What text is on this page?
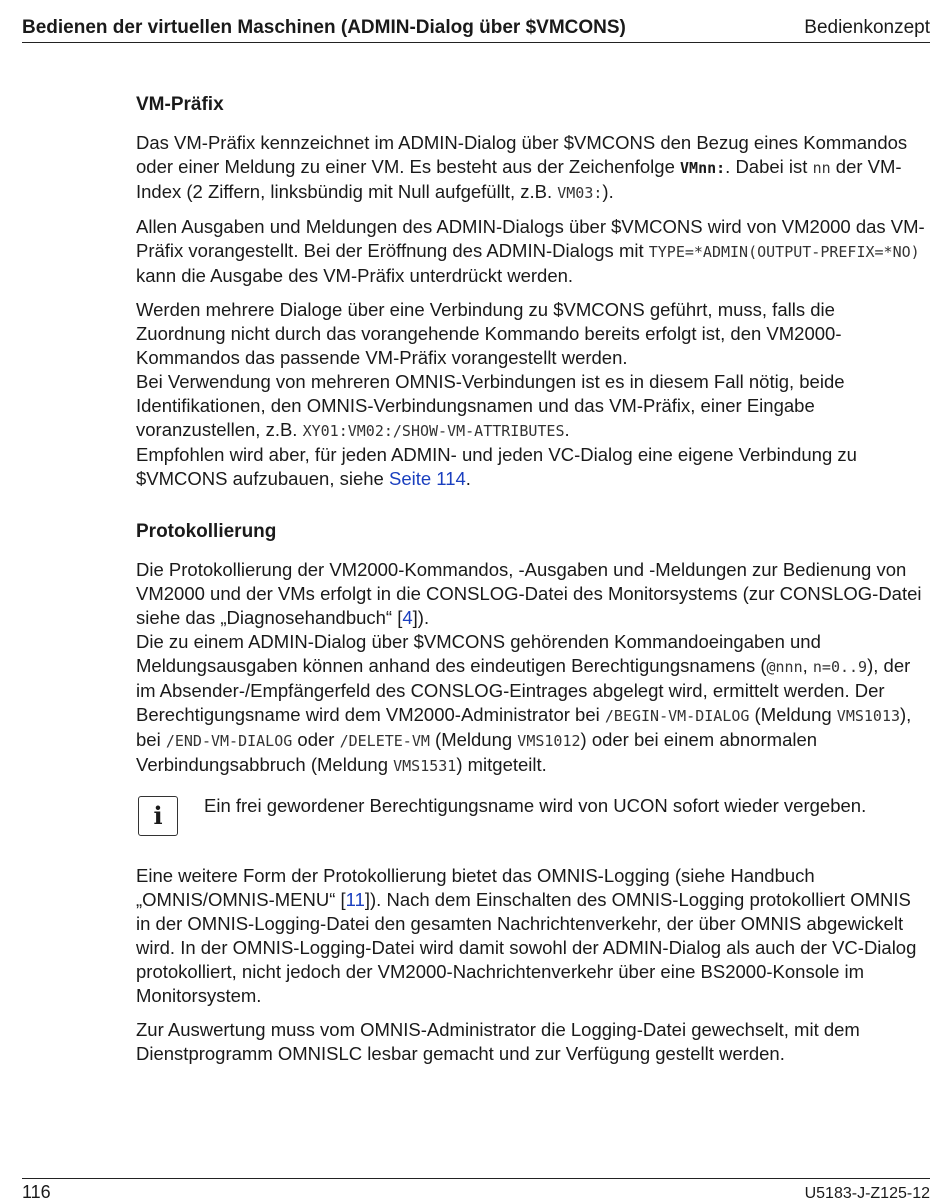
Bedienen der virtuellen Maschinen (ADMIN-Dialog über $VMCONS)	Bedienkonzept
VM-Präfix

Das VM-Präfix kennzeichnet im ADMIN-Dialog über $VMCONS den Bezug eines Kommandos oder einer Meldung zu einer VM. Es besteht aus der Zeichenfolge VMnn:. Dabei ist nn der VM-Index (2 Ziffern, linksbündig mit Null aufgefüllt, z.B. VM03:).

Allen Ausgaben und Meldungen des ADMIN-Dialogs über $VMCONS wird von VM2000 das VM-Präfix vorangestellt. Bei der Eröffnung des ADMIN-Dialogs mit TYPE=*ADMIN(OUTPUT-PREFIX=*NO) kann die Ausgabe des VM-Präfix unterdrückt werden.

Werden mehrere Dialoge über eine Verbindung zu $VMCONS geführt, muss, falls die Zuordnung nicht durch das vorangehende Kommando bereits erfolgt ist, den VM2000-Kommandos das passende VM-Präfix vorangestellt werden.
Bei Verwendung von mehreren OMNIS-Verbindungen ist es in diesem Fall nötig, beide Identifikationen, den OMNIS-Verbindungsnamen und das VM-Präfix, einer Eingabe voranzustellen, z.B. XY01:VM02:/SHOW-VM-ATTRIBUTES.
Empfohlen wird aber, für jeden ADMIN- und jeden VC-Dialog eine eigene Verbindung zu $VMCONS aufzubauen, siehe Seite 114.

Protokollierung

Die Protokollierung der VM2000-Kommandos, -Ausgaben und -Meldungen zur Bedienung von VM2000 und der VMs erfolgt in die CONSLOG-Datei des Monitorsystems (zur CONSLOG-Datei siehe das „Diagnosehandbuch“ [4]).
Die zu einem ADMIN-Dialog über $VMCONS gehörenden Kommandoeingaben und Meldungsausgaben können anhand des eindeutigen Berechtigungsnamens (@nnn, n=0..9), der im Absender-/Empfängerfeld des CONSLOG-Eintrages abgelegt wird, ermittelt werden. Der Berechtigungsname wird dem VM2000-Administrator bei /BEGIN-VM-DIALOG (Meldung VMS1013), bei /END-VM-DIALOG oder /DELETE-VM (Meldung VMS1012) oder bei einem abnormalen Verbindungsabbruch (Meldung VMS1531) mitgeteilt.

i	Ein frei gewordener Berechtigungsname wird von UCON sofort wieder vergeben.

Eine weitere Form der Protokollierung bietet das OMNIS-Logging (siehe Handbuch „OMNIS/OMNIS-MENU“ [11]). Nach dem Einschalten des OMNIS-Logging protokolliert OMNIS in der OMNIS-Logging-Datei den gesamten Nachrichtenverkehr, der über OMNIS abgewickelt wird. In der OMNIS-Logging-Datei wird damit sowohl der ADMIN-Dialog als auch der VC-Dialog protokolliert, nicht jedoch der VM2000-Nachrichtenverkehr über eine BS2000-Konsole im Monitorsystem.

Zur Auswertung muss vom OMNIS-Administrator die Logging-Datei gewechselt, mit dem Dienstprogramm OMNISLC lesbar gemacht und zur Verfügung gestellt werden.

116	U5183-J-Z125-12
